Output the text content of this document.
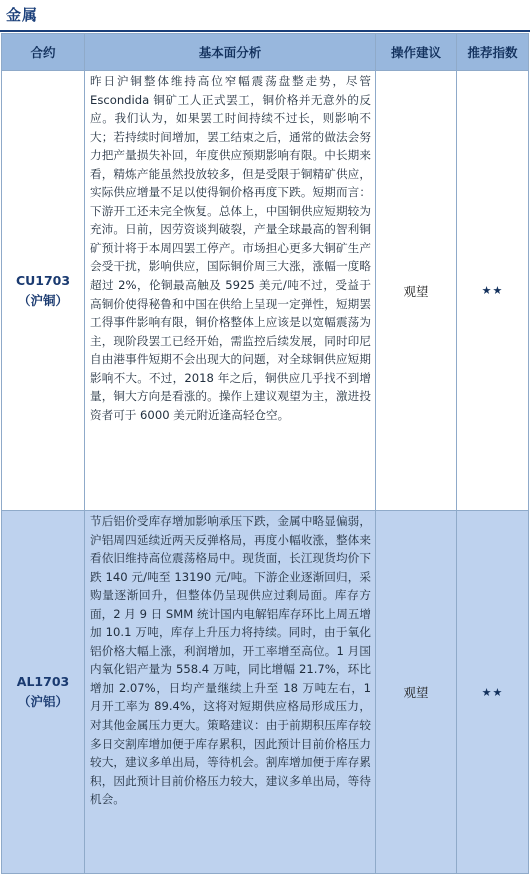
金属
合约	基本面分析	操作建议	推荐指数

CU1703
（沪铜）	昨日沪铜整体维持高位窄幅震荡盘整走势，尽管 Escondida 铜矿工人正式罢工，铜价格并无意外的反应。我们认为，如果罢工时间持续不过长，则影响不大；若持续时间增加，罢工结束之后，通常的做法会努力把产量损失补回，年度供应预期影响有限。中长期来看，精炼产能虽然投放较多，但是受限于铜精矿供应，实际供应增量不足以使得铜价格再度下跌。短期而言：下游开工还未完全恢复。总体上，中国铜供应短期较为充沛。日前，因劳资谈判破裂，产量全球最高的智利铜矿预计将于本周四罢工停产。市场担心更多大铜矿生产会受干扰，影响供应，国际铜价周三大涨，涨幅一度略超过 2%，伦铜最高触及 5925 美元/吨不过，受益于高铜价使得秘鲁和中国在供给上呈现一定弹性，短期罢工得事件影响有限，铜价格整体上应该是以宽幅震荡为主，现阶段罢工已经开始，需监控后续发展，同时印尼自由港事件短期不会出现大的问题，对全球铜供应短期影响不大。不过，2018 年之后，铜供应几乎找不到增量，铜大方向是看涨的。操作上建议观望为主，激进投资者可于 6000 美元附近逢高轻仓空。	观望	★★

AL1703
（沪铝）	节后铝价受库存增加影响承压下跌，金属中略显偏弱，沪铝周四延续近两天反弹格局，再度小幅收涨，整体来看依旧维持高位震荡格局中。现货面，长江现货均价下跌 140 元/吨至 13190 元/吨。下游企业逐渐回归，采购量逐渐回升，但整体仍呈现供应过剩局面。库存方面，2 月 9 日 SMM 统计国内电解铝库存环比上周五增加 10.1 万吨，库存上升压力将持续。同时，由于氧化铝价格大幅上涨，利润增加，开工率增至高位。1 月国内氧化铝产量为 558.4 万吨，同比增幅 21.7%，环比增加 2.07%，日均产量继续上升至 18 万吨左右，1 月开工率为 89.4%，这将对短期供应格局形成压力，对其他金属压力更大。策略建议：由于前期积压库存较多日交割库增加便于库存累积，因此预计目前价格压力较大，建议多单出局，等待机会。割库增加便于库存累积，因此预计目前价格压力较大，建议多单出局，等待机会。	观望	★★
